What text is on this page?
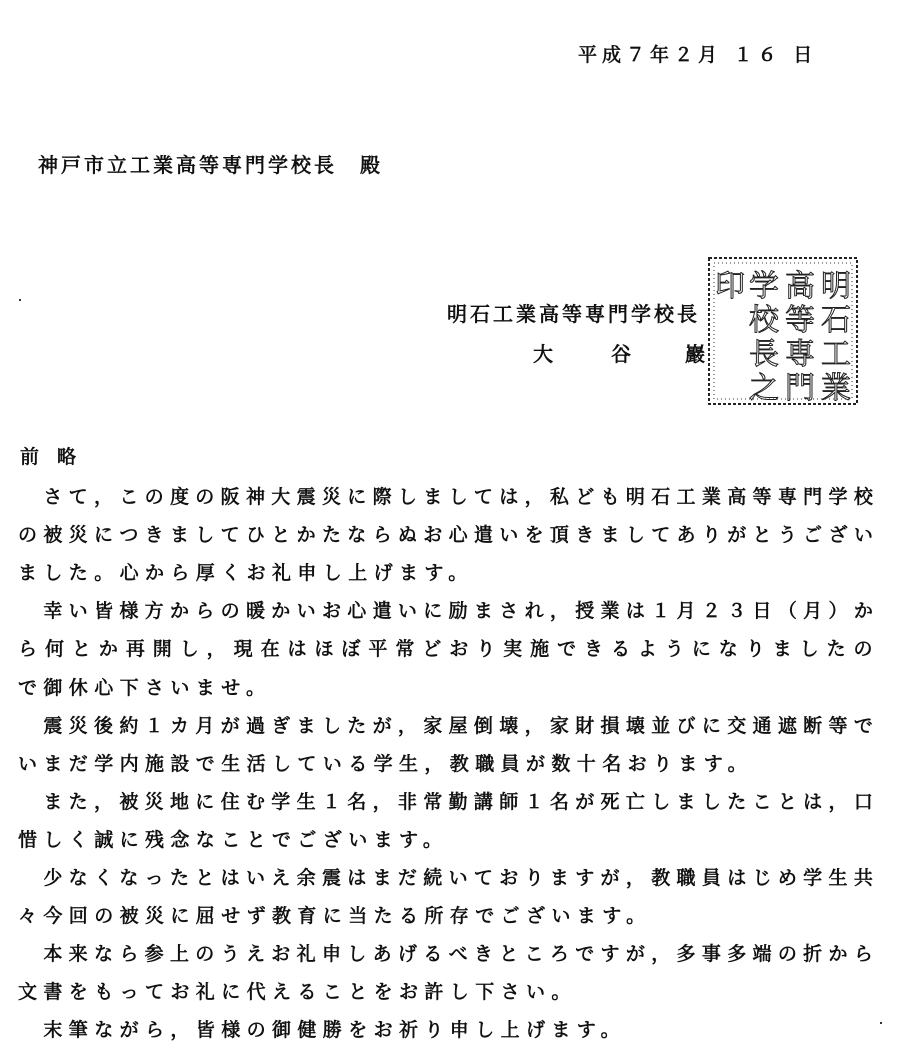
平成７年２月 １６ 日
神戸市立工業高等専門学校長　殿
明石工業高等専門学校長
大	谷	巖
明
石
工
業
高
等
専
門
学
校
長
之
印
前略

さ て ， こ の 度 の 阪 神 大 震 災 に 際 し ま し て は ， 私 ど も 明 石 工 業 高 等 専 門 学 校
の 被 災 に つ き ま し て ひ と か た な ら ぬ お 心 遣 い を 頂 き ま し て あ り が と う ご ざ い
ました。心から厚くお礼申し上げます。

幸 い 皆 様 方 か ら の 暖 か い お 心 遣 い に 励 ま さ れ ， 授 業 は １ 月 ２ ３ 日 （ 月 ） か
ら 何 と か 再 開 し ， 現 在 は ほ ぼ 平 常 ど お り 実 施 で き る よ う に な り ま し た の
で御休心下さいませ。

震 災 後 約 １ カ 月 が 過 ぎ ま し た が ， 家 屋 倒 壊 ， 家 財 損 壊 並 び に 交 通 遮 断 等 で
いまだ学内施設で生活している学生，教職員が数十名おります。

ま た ， 被 災 地 に 住 む 学 生 １ 名 ， 非 常 勤 講 師 １ 名 が 死 亡 し ま し た こ と は ， 口
惜しく誠に残念なことでございます。

少 な く な っ た と は い え 余 震 は ま だ 続 い て お り ま す が ， 教 職 員 は じ め 学 生 共
々今回の被災に屈せず教育に当たる所存でございます。

本 来 な ら 参 上 の う え お 礼 申 し あ げ る べ き と こ ろ で す が ， 多 事 多 端 の 折 か ら
文書をもってお礼に代えることをお許し下さい。
　末筆ながら，皆様の御健勝をお祈り申し上げます。
